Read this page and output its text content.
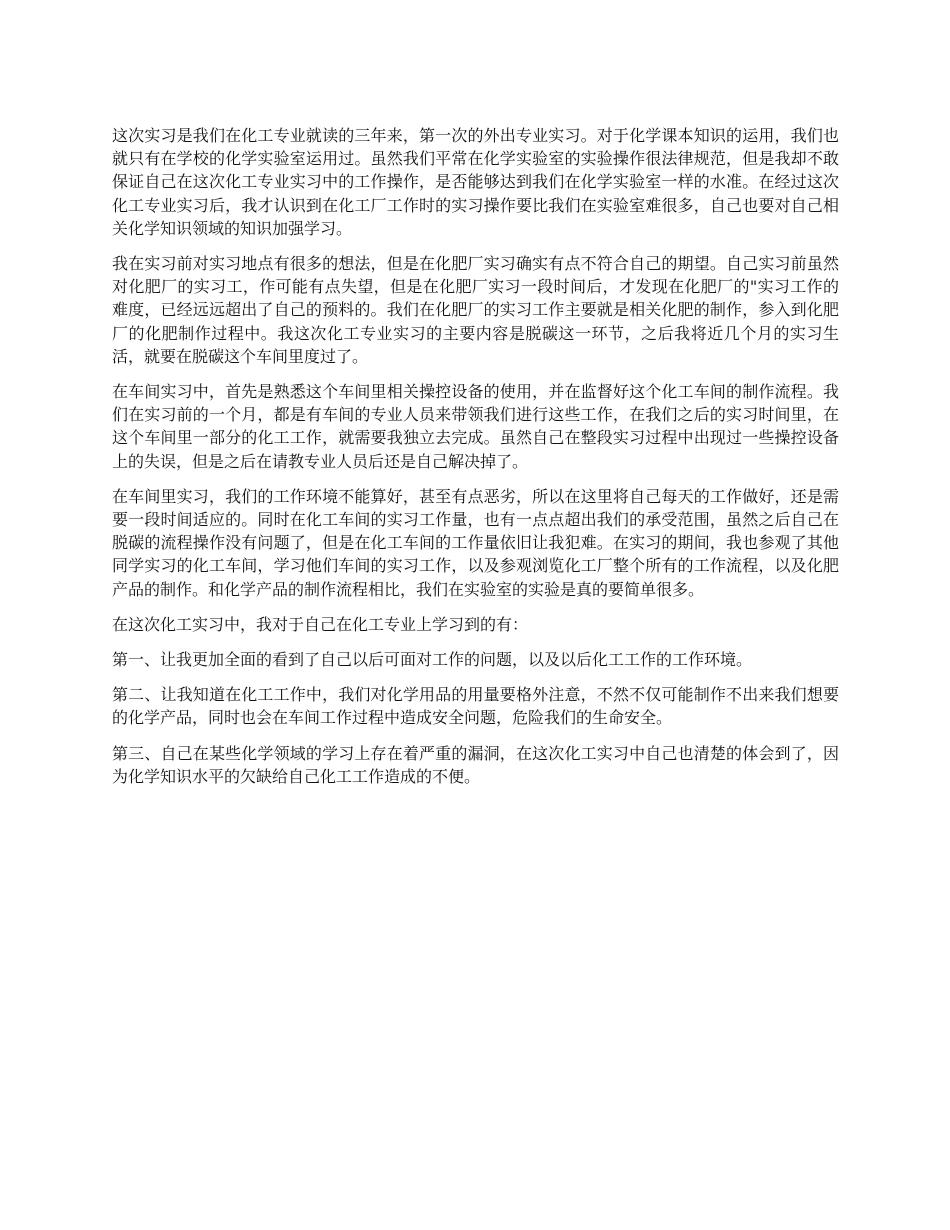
这次实习是我们在化工专业就读的三年来，第一次的外出专业实习。对于化学课本知识的运用，我们也就只有在学校的化学实验室运用过。虽然我们平常在化学实验室的实验操作很法律规范，但是我却不敢保证自己在这次化工专业实习中的工作操作，是否能够达到我们在化学实验室一样的水准。在经过这次化工专业实习后，我才认识到在化工厂工作时的实习操作要比我们在实验室难很多，自己也要对自己相关化学知识领域的知识加强学习。

我在实习前对实习地点有很多的想法，但是在化肥厂实习确实有点不符合自己的期望。自己实习前虽然对化肥厂的实习工，作可能有点失望，但是在化肥厂实习一段时间后，才发现在化肥厂的"实习工作的难度，已经远远超出了自己的预料的。我们在化肥厂的实习工作主要就是相关化肥的制作，参入到化肥厂的化肥制作过程中。我这次化工专业实习的主要内容是脱碳这一环节，之后我将近几个月的实习生活，就要在脱碳这个车间里度过了。

在车间实习中，首先是熟悉这个车间里相关操控设备的使用，并在监督好这个化工车间的制作流程。我们在实习前的一个月，都是有车间的专业人员来带领我们进行这些工作，在我们之后的实习时间里，在这个车间里一部分的化工工作，就需要我独立去完成。虽然自己在整段实习过程中出现过一些操控设备上的失误，但是之后在请教专业人员后还是自己解决掉了。

在车间里实习，我们的工作环境不能算好，甚至有点恶劣，所以在这里将自己每天的工作做好，还是需要一段时间适应的。同时在化工车间的实习工作量，也有一点点超出我们的承受范围，虽然之后自己在脱碳的流程操作没有问题了，但是在化工车间的工作量依旧让我犯难。在实习的期间，我也参观了其他同学实习的化工车间，学习他们车间的实习工作，以及参观浏览化工厂整个所有的工作流程，以及化肥产品的制作。和化学产品的制作流程相比，我们在实验室的实验是真的要简单很多。

在这次化工实习中，我对于自己在化工专业上学习到的有：

第一、让我更加全面的看到了自己以后可面对工作的问题，以及以后化工工作的工作环境。

第二、让我知道在化工工作中，我们对化学用品的用量要格外注意，不然不仅可能制作不出来我们想要的化学产品，同时也会在车间工作过程中造成安全问题，危险我们的生命安全。

第三、自己在某些化学领域的学习上存在着严重的漏洞，在这次化工实习中自己也清楚的体会到了，因为化学知识水平的欠缺给自己化工工作造成的不便。
